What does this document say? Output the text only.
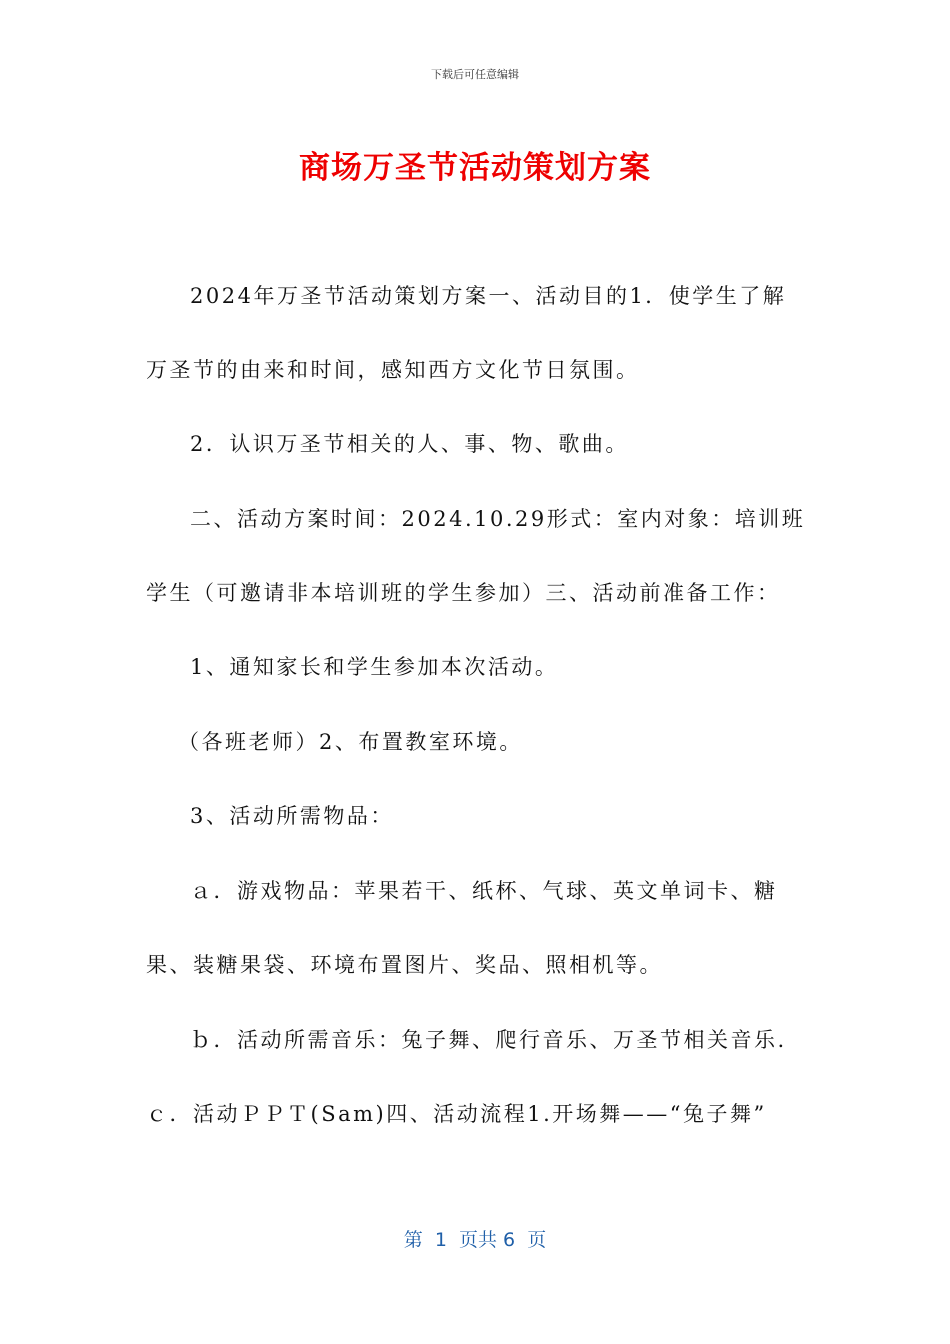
下载后可任意编辑
商场万圣节活动策划方案
2024年万圣节活动策划方案一、活动目的1．使学生了解
万圣节的由来和时间，感知西方文化节日氛围。
2．认识万圣节相关的人、事、物、歌曲。
二、活动方案时间：2024.10.29形式：室内对象：培训班
学生（可邀请非本培训班的学生参加）三、活动前准备工作：
1、通知家长和学生参加本次活动。
（各班老师）2、布置教室环境。
3、活动所需物品：
ａ．游戏物品：苹果若干、纸杯、气球、英文单词卡、糖
果、装糖果袋、环境布置图片、奖品、照相机等。
ｂ．活动所需音乐：兔子舞、爬行音乐、万圣节相关音乐.
ｃ．活动ＰＰＴ(Sam)四、活动流程1.开场舞——“兔子舞”
第  1  页共 6  页
